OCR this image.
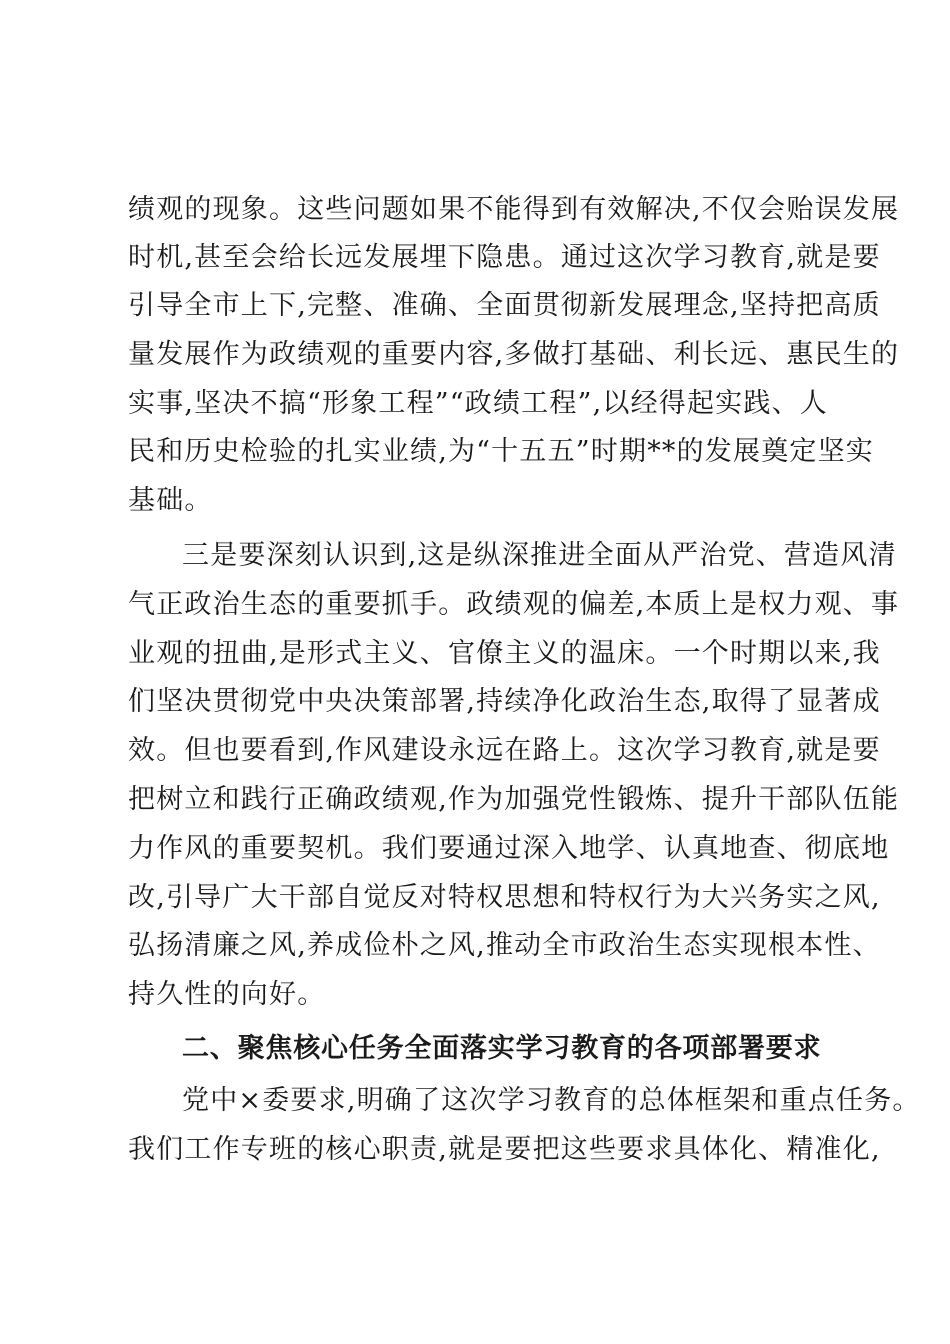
绩观的现象。这些问题如果不能得到有效解决,不仅会贻误发展
时机,甚至会给长远发展埋下隐患。通过这次学习教育,就是要
引导全市上下,完整、准确、全面贯彻新发展理念,坚持把高质
量发展作为政绩观的重要内容,多做打基础、利长远、惠民生的
实事,坚决不搞“形象工程”“政绩工程”,以经得起实践、人
民和历史检验的扎实业绩,为“十五五”时期**的发展奠定坚实
基础。
三是要深刻认识到,这是纵深推进全面从严治党、营造风清
气正政治生态的重要抓手。政绩观的偏差,本质上是权力观、事
业观的扭曲,是形式主义、官僚主义的温床。一个时期以来,我
们坚决贯彻党中央决策部署,持续净化政治生态,取得了显著成
效。但也要看到,作风建设永远在路上。这次学习教育,就是要
把树立和践行正确政绩观,作为加强党性锻炼、提升干部队伍能
力作风的重要契机。我们要通过深入地学、认真地查、彻底地
改,引导广大干部自觉反对特权思想和特权行为大兴务实之风,
弘扬清廉之风,养成俭朴之风,推动全市政治生态实现根本性、
持久性的向好。
二、聚焦核心任务全面落实学习教育的各项部署要求
党中×委要求,明确了这次学习教育的总体框架和重点任务。
我们工作专班的核心职责,就是要把这些要求具体化、精准化,
